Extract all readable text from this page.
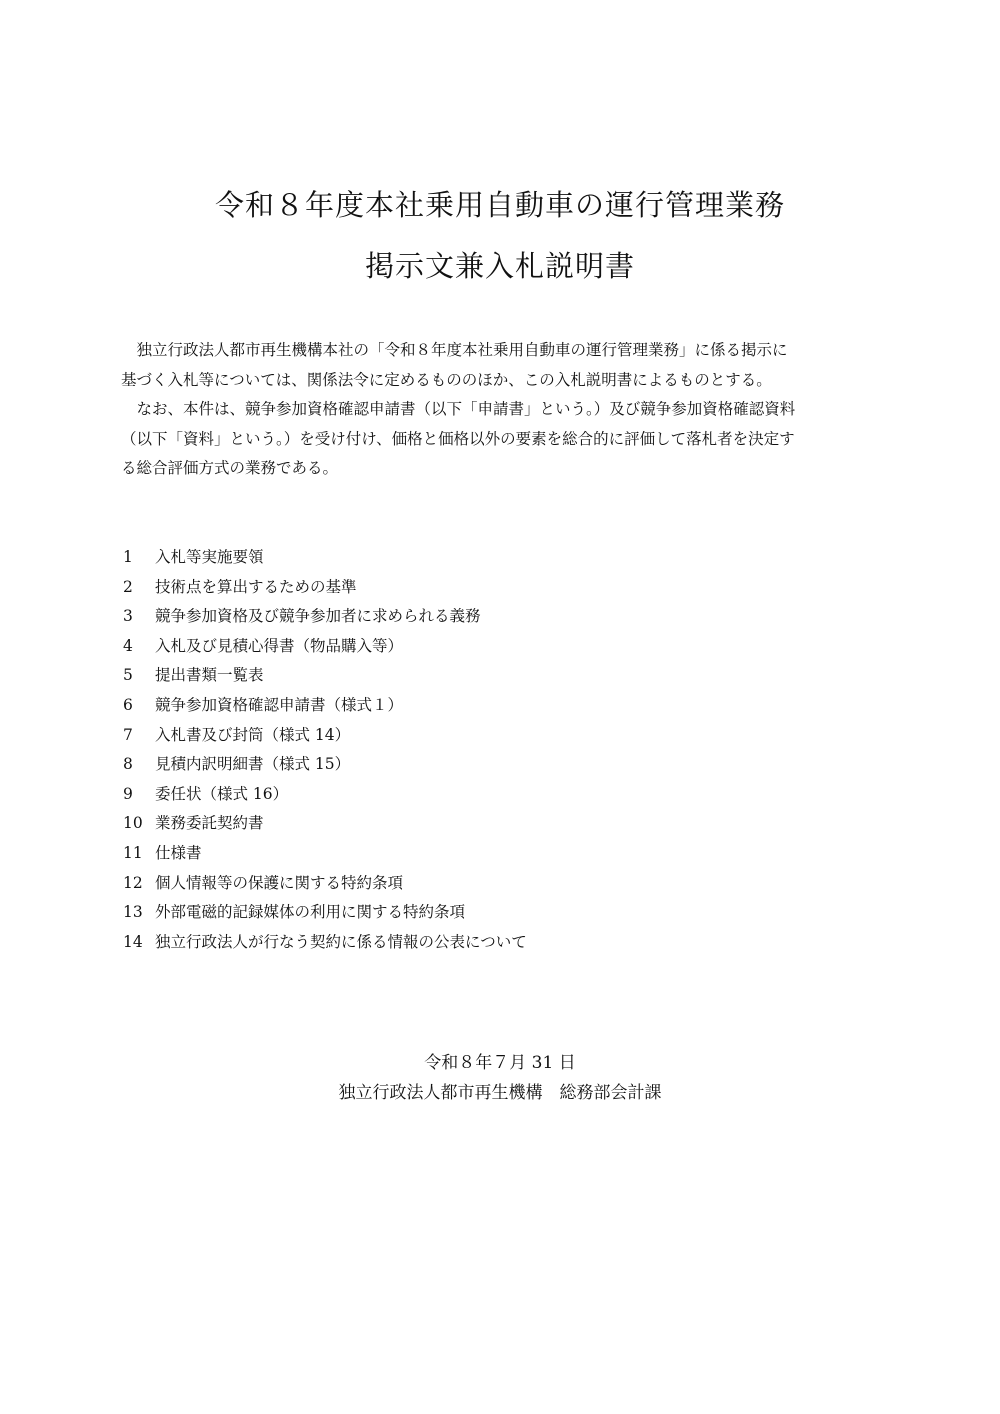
令和８年度本社乗用自動車の運行管理業務
掲示文兼入札説明書

独立行政法人都市再生機構本社の「令和８年度本社乗用自動車の運行管理業務」に係る掲示に
基づく入札等については、関係法令に定めるもののほか、この入札説明書によるものとする。

なお、本件は、競争参加資格確認申請書（以下「申請書」という。）及び競争参加資格確認資料
（以下「資料」という。）を受け付け、価格と価格以外の要素を総合的に評価して落札者を決定す
る総合評価方式の業務である。

1	入札等実施要領
2	技術点を算出するための基準
3	競争参加資格及び競争参加者に求められる義務
4	入札及び見積心得書（物品購入等）
5	提出書類一覧表
6	競争参加資格確認申請書（様式１）
7	入札書及び封筒（様式 14）
8	見積内訳明細書（様式 15）
9	委任状（様式 16）
10 業務委託契約書
11 仕様書
12 個人情報等の保護に関する特約条項
13 外部電磁的記録媒体の利用に関する特約条項
14 独立行政法人が行なう契約に係る情報の公表について
令和８年７月 31 日
独立行政法人都市再生機構　総務部会計課
